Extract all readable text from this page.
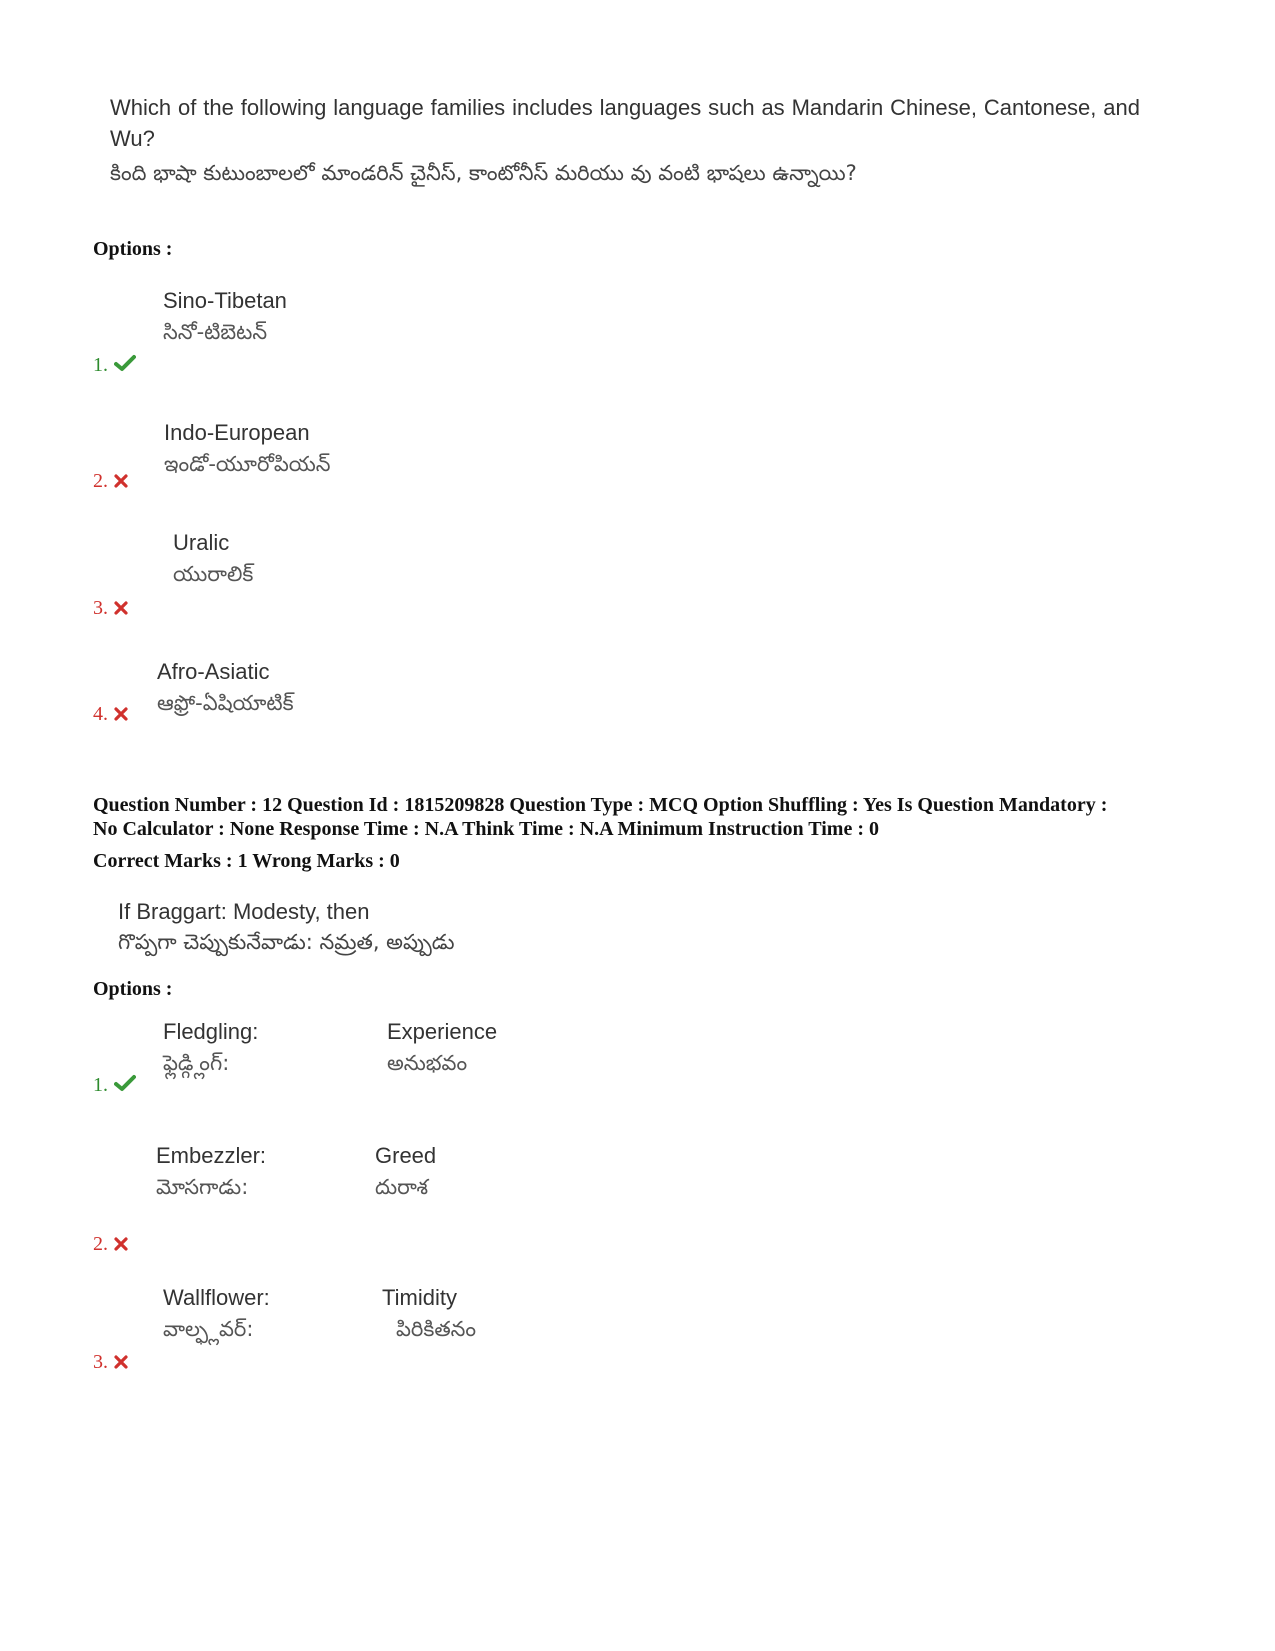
Which of the following language families includes languages such as Mandarin Chinese, Cantonese, and Wu?
కింది భాషా కుటుంబాలలో మాండరిన్ చైనీస్, కాంటోనీస్ మరియు వు వంటి భాషలు ఉన్నాయి?
Options :
Sino-Tibetan
సినో-టిబెటన్
1.
Indo-European
ఇండో-యూరోపియన్
2.
Uralic
యురాలిక్
3.
Afro-Asiatic
ఆఫ్రో-ఏషియాటిక్
4.
Question Number : 12 Question Id : 1815209828 Question Type : MCQ Option Shuffling : Yes Is Question Mandatory :
No Calculator : None Response Time : N.A Think Time : N.A Minimum Instruction Time : 0
Correct Marks : 1 Wrong Marks : 0
If Braggart: Modesty, then
గొప్పగా చెప్పుకునేవాడు: నమ్రత, అప్పుడు
Options :
Fledgling:
ఫ్లెడ్గ్లింగ్:
Experience
అనుభవం
1.
Embezzler:
మోసగాడు:
Greed
దురాశ
2.
Wallflower:
వాల్ఫ్లవర్:
Timidity
పిరికితనం
3.
